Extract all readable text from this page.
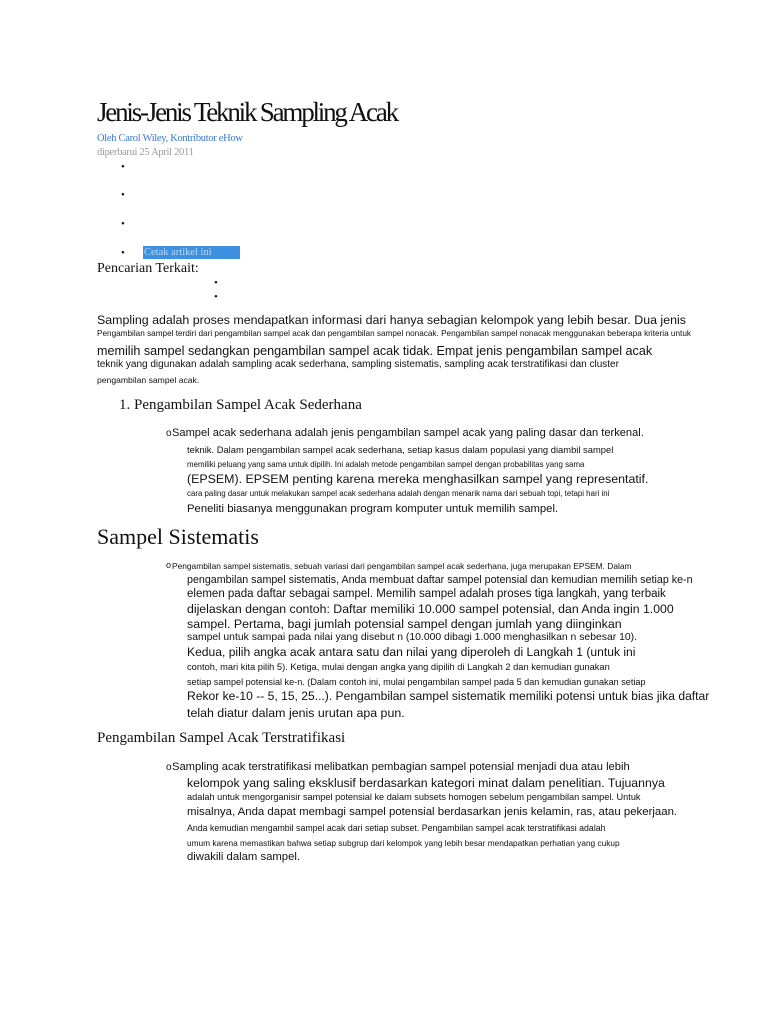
Jenis-Jenis Teknik Sampling Acak
Oleh Carol Wiley, Kontributor eHow
diperbarui 25 April 2011
•
•
•
• Cetak artikel ini
Pencarian Terkait:
•
•
Sampling adalah proses mendapatkan informasi dari hanya sebagian kelompok yang lebih besar. Dua jenis
Pengambilan sampel terdiri dari pengambilan sampel acak dan pengambilan sampel nonacak. Pengambilan sampel nonacak menggunakan beberapa kriteria untuk
memilih sampel sedangkan pengambilan sampel acak tidak. Empat jenis pengambilan sampel acak
teknik yang digunakan adalah sampling acak sederhana, sampling sistematis, sampling acak terstratifikasi dan cluster
pengambilan sampel acak.
1. Pengambilan Sampel Acak Sederhana
o Sampel acak sederhana adalah jenis pengambilan sampel acak yang paling dasar dan terkenal.
teknik. Dalam pengambilan sampel acak sederhana, setiap kasus dalam populasi yang diambil sampel
memiliki peluang yang sama untuk dipilih. Ini adalah metode pengambilan sampel dengan probabilitas yang sama
(EPSEM). EPSEM penting karena mereka menghasilkan sampel yang representatif.
cara paling dasar untuk melakukan sampel acak sederhana adalah dengan menarik nama dari sebuah topi, tetapi hari ini
Peneliti biasanya menggunakan program komputer untuk memilih sampel.
Sampel Sistematis
o Pengambilan sampel sistematis, sebuah variasi dari pengambilan sampel acak sederhana, juga merupakan EPSEM. Dalam
pengambilan sampel sistematis, Anda membuat daftar sampel potensial dan kemudian memilih setiap ke-n
elemen pada daftar sebagai sampel. Memilih sampel adalah proses tiga langkah, yang terbaik
dijelaskan dengan contoh: Daftar memiliki 10.000 sampel potensial, dan Anda ingin 1.000
sampel. Pertama, bagi jumlah potensial sampel dengan jumlah yang diinginkan
sampel untuk sampai pada nilai yang disebut n (10.000 dibagi 1.000 menghasilkan n sebesar 10).
Kedua, pilih angka acak antara satu dan nilai yang diperoleh di Langkah 1 (untuk ini
contoh, mari kita pilih 5). Ketiga, mulai dengan angka yang dipilih di Langkah 2 dan kemudian gunakan
setiap sampel potensial ke-n. (Dalam contoh ini, mulai pengambilan sampel pada 5 dan kemudian gunakan setiap
Rekor ke-10 -- 5, 15, 25...). Pengambilan sampel sistematik memiliki potensi untuk bias jika daftar
telah diatur dalam jenis urutan apa pun.
Pengambilan Sampel Acak Terstratifikasi
o Sampling acak terstratifikasi melibatkan pembagian sampel potensial menjadi dua atau lebih
kelompok yang saling eksklusif berdasarkan kategori minat dalam penelitian. Tujuannya
adalah untuk mengorganisir sampel potensial ke dalam subsets homogen sebelum pengambilan sampel. Untuk
misalnya, Anda dapat membagi sampel potensial berdasarkan jenis kelamin, ras, atau pekerjaan.
Anda kemudian mengambil sampel acak dari setiap subset. Pengambilan sampel acak terstratifikasi adalah
umum karena memastikan bahwa setiap subgrup dari kelompok yang lebih besar mendapatkan perhatian yang cukup
diwakili dalam sampel.
